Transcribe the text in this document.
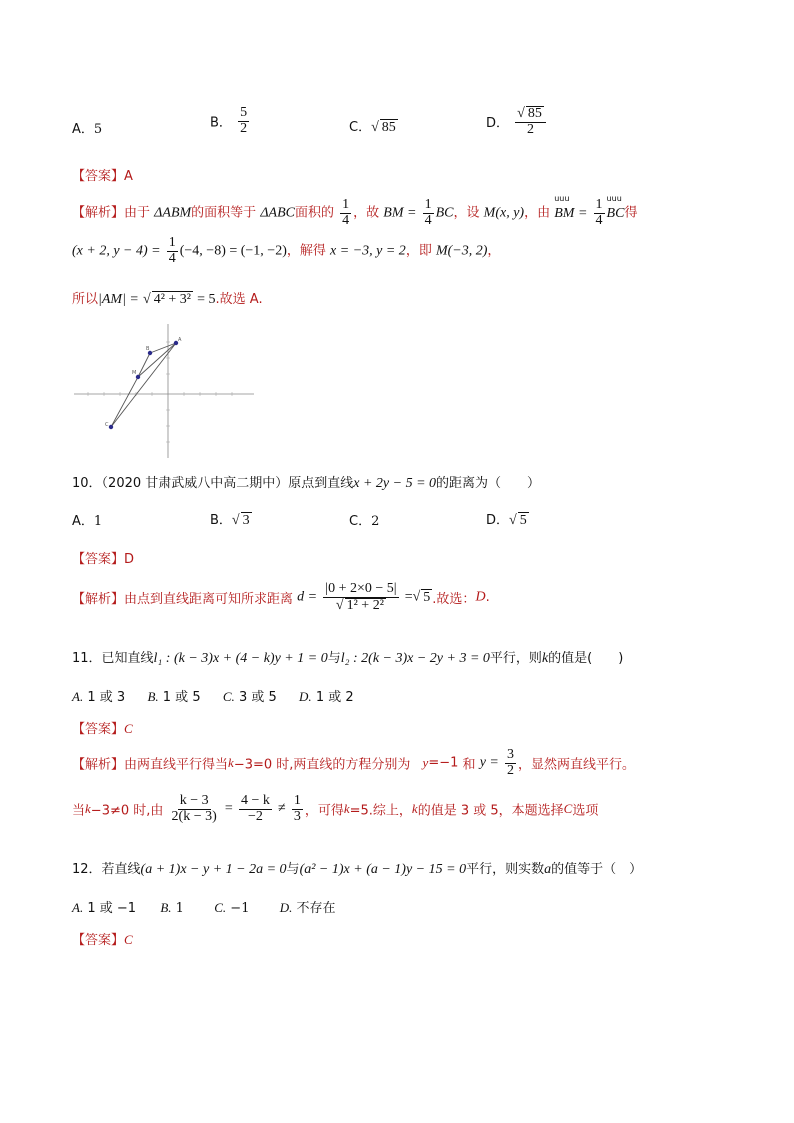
A．5	B． $\frac{5}{2}$	C．√ 85	D． $\frac{√ 85}{2}$
【答案】A
【解析】由于 ΔABM的面积等于 ΔABC面积的 $\frac{1}{4}$ ，故 BM = $\frac{1}{4}$ BC，设 M(x, y)，由
uuu
BM = $\frac{1}{4}$ uuu
BC得
(x + 2, $y - 4) = \frac{1}{4} (-4$, −8) = (−1, −2)，解得 x = −3, y = 2，即 M(−3, 2)，
所以|AM| = √ 4² + 3² = 5.故选 A.
A
B
C
M
10．（2020 甘肃武威八中高二期中）原点到直线x + 2y − 5 = 0的距离为（　　）
A．1	B．√ 3	C．2	D．√ 5
【答案】D
【解析】由点到直线距离可知所求距离 $d = \frac{|0 + 2\times 0 - 5|}{\text{√ 1² + 2²}}$ =√ 5 .故选：D.
11．已知直线l₁ : (k − 3)x + (4 − k)y + 1 = 0与l₂ : 2(k − 3)x − 2y + 3 = 0平行，则k的值是(　　)
A. 1 或 3 B. 1 或 5 C. 3 或 5 D. 1 或 2
【答案】C
【解析】由两直线平行得当k−3=0 时,两直线的方程分别为 y=−1 和 $y = \frac{3}{2}$ ，显然两直线平行。
当k−3≠0 时,由 $\frac{k - 3}{2(k - 3)} = \frac{4 - k}{-2} \ne \frac{1}{3}$ ，可得k=5.综上，k的值是 3 或 5，本题选择C选项
12．若直线(a + 1)x − y + 1 − 2a = 0与(a² − 1)x + (a − 1)y − 15 = 0平行，则实数a的值等于（　）
A. 1 或 −1 B. 1 C. −1 D. 不存在
【答案】C
